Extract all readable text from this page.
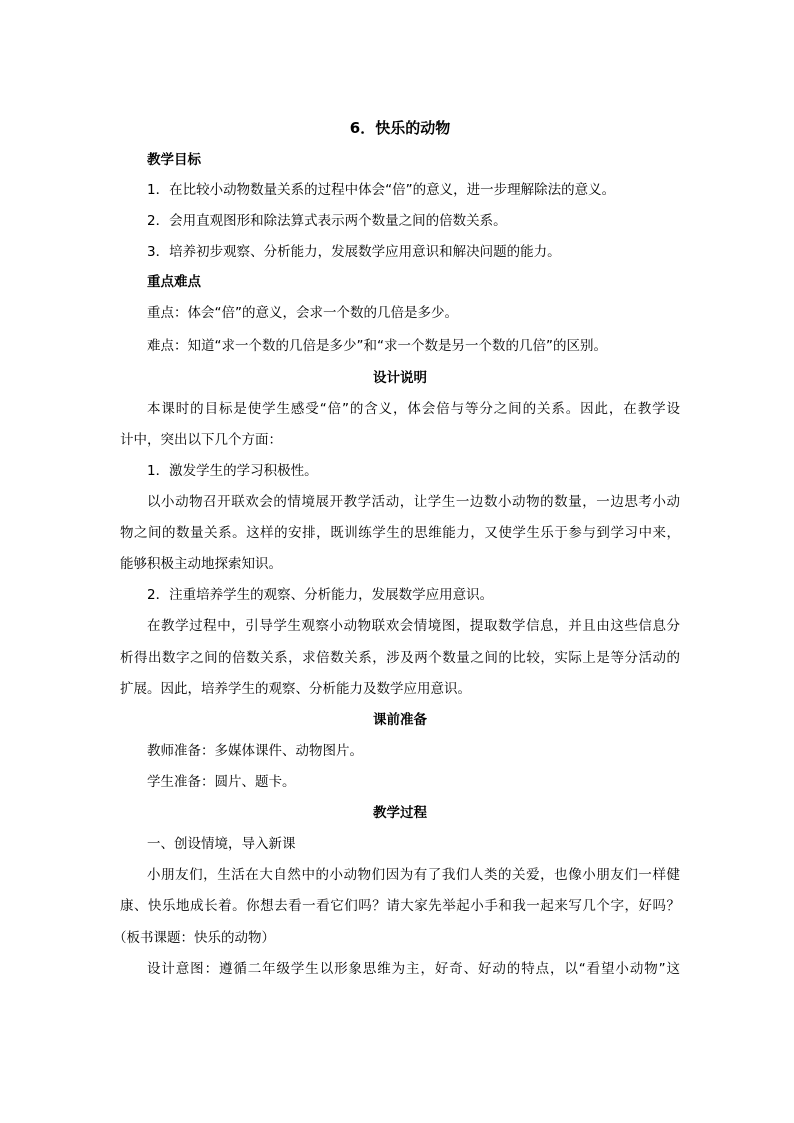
6．快乐的动物
教学目标
1．在比较小动物数量关系的过程中体会“倍”的意义，进一步理解除法的意义。
2．会用直观图形和除法算式表示两个数量之间的倍数关系。
3．培养初步观察、分析能力，发展数学应用意识和解决问题的能力。
重点难点
重点：体会“倍”的意义，会求一个数的几倍是多少。
难点：知道“求一个数的几倍是多少”和“求一个数是另一个数的几倍”的区别。
设计说明
本课时的目标是使学生感受“倍”的含义，体会倍与等分之间的关系。因此，在教学设
计中，突出以下几个方面：
1．激发学生的学习积极性。
以小动物召开联欢会的情境展开教学活动，让学生一边数小动物的数量，一边思考小动
物之间的数量关系。这样的安排，既训练学生的思维能力，又使学生乐于参与到学习中来，
能够积极主动地探索知识。
2．注重培养学生的观察、分析能力，发展数学应用意识。
在教学过程中，引导学生观察小动物联欢会情境图，提取数学信息，并且由这些信息分
析得出数字之间的倍数关系，求倍数关系，涉及两个数量之间的比较，实际上是等分活动的
扩展。因此，培养学生的观察、分析能力及数学应用意识。
课前准备
教师准备：多媒体课件、动物图片。
学生准备：圆片、题卡。
教学过程
一、创设情境，导入新课
小朋友们，生活在大自然中的小动物们因为有了我们人类的关爱，也像小朋友们一样健
康、快乐地成长着。你想去看一看它们吗？请大家先举起小手和我一起来写几个字，好吗？
（板书课题：快乐的动物）
设计意图：遵循二年级学生以形象思维为主，好奇、好动的特点，以“看望小动物”这
